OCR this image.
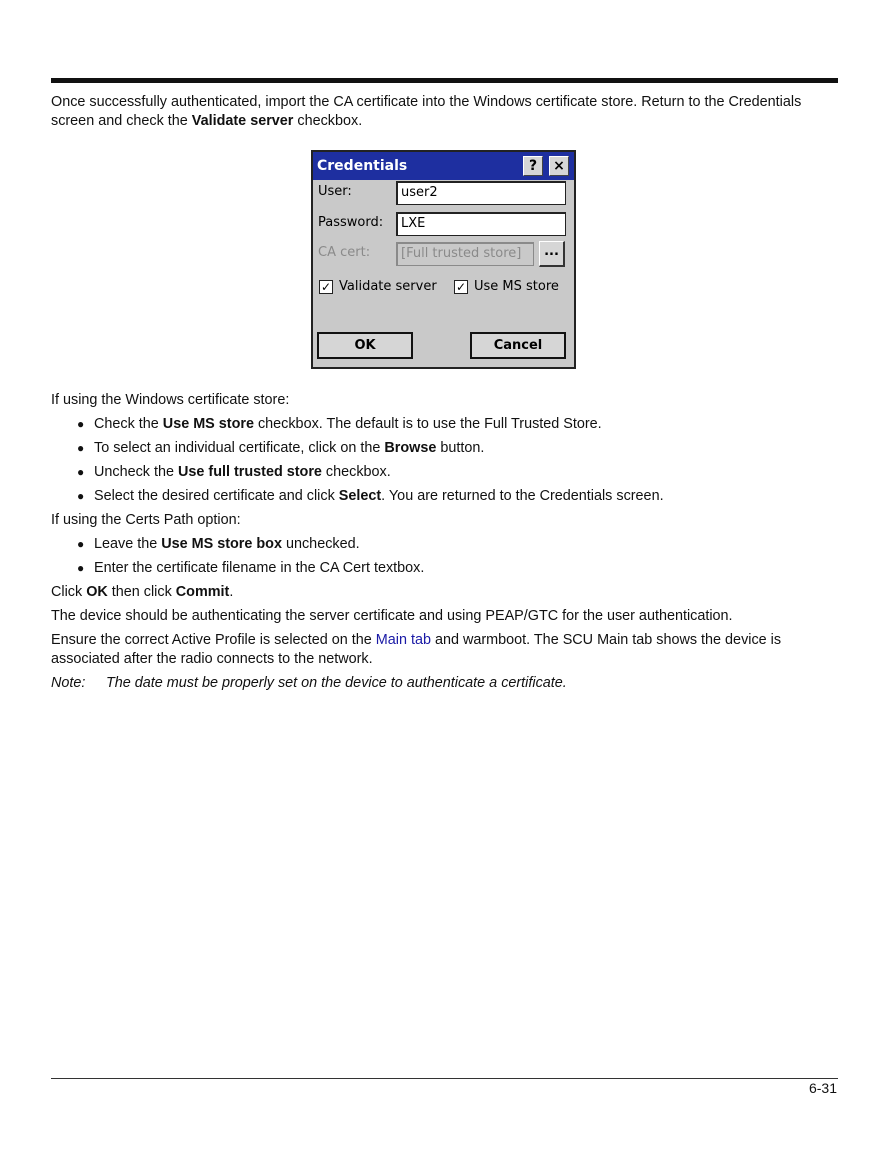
Once successfully authenticated, import the CA certificate into the Windows certificate store. Return to the Credentials screen and check the Validate server checkbox.

Credentials	?	×
User:	user2
Password:	LXE
CA cert:	[Full trusted store]	...
✓ Validate server ✓ Use MS store
OK	Cancel

If using the Windows certificate store:

● Check the Use MS store checkbox. The default is to use the Full Trusted Store.
● To select an individual certificate, click on the Browse button.
● Uncheck the Use full trusted store checkbox.
● Select the desired certificate and click Select. You are returned to the Credentials screen.

If using the Certs Path option:

● Leave the Use MS store box unchecked.
● Enter the certificate filename in the CA Cert textbox.

Click OK then click Commit.

The device should be authenticating the server certificate and using PEAP/GTC for the user authentication.

Ensure the correct Active Profile is selected on the Main tab and warmboot. The SCU Main tab shows the device is associated after the radio connects to the network.

Note: The date must be properly set on the device to authenticate a certificate.

6-31
